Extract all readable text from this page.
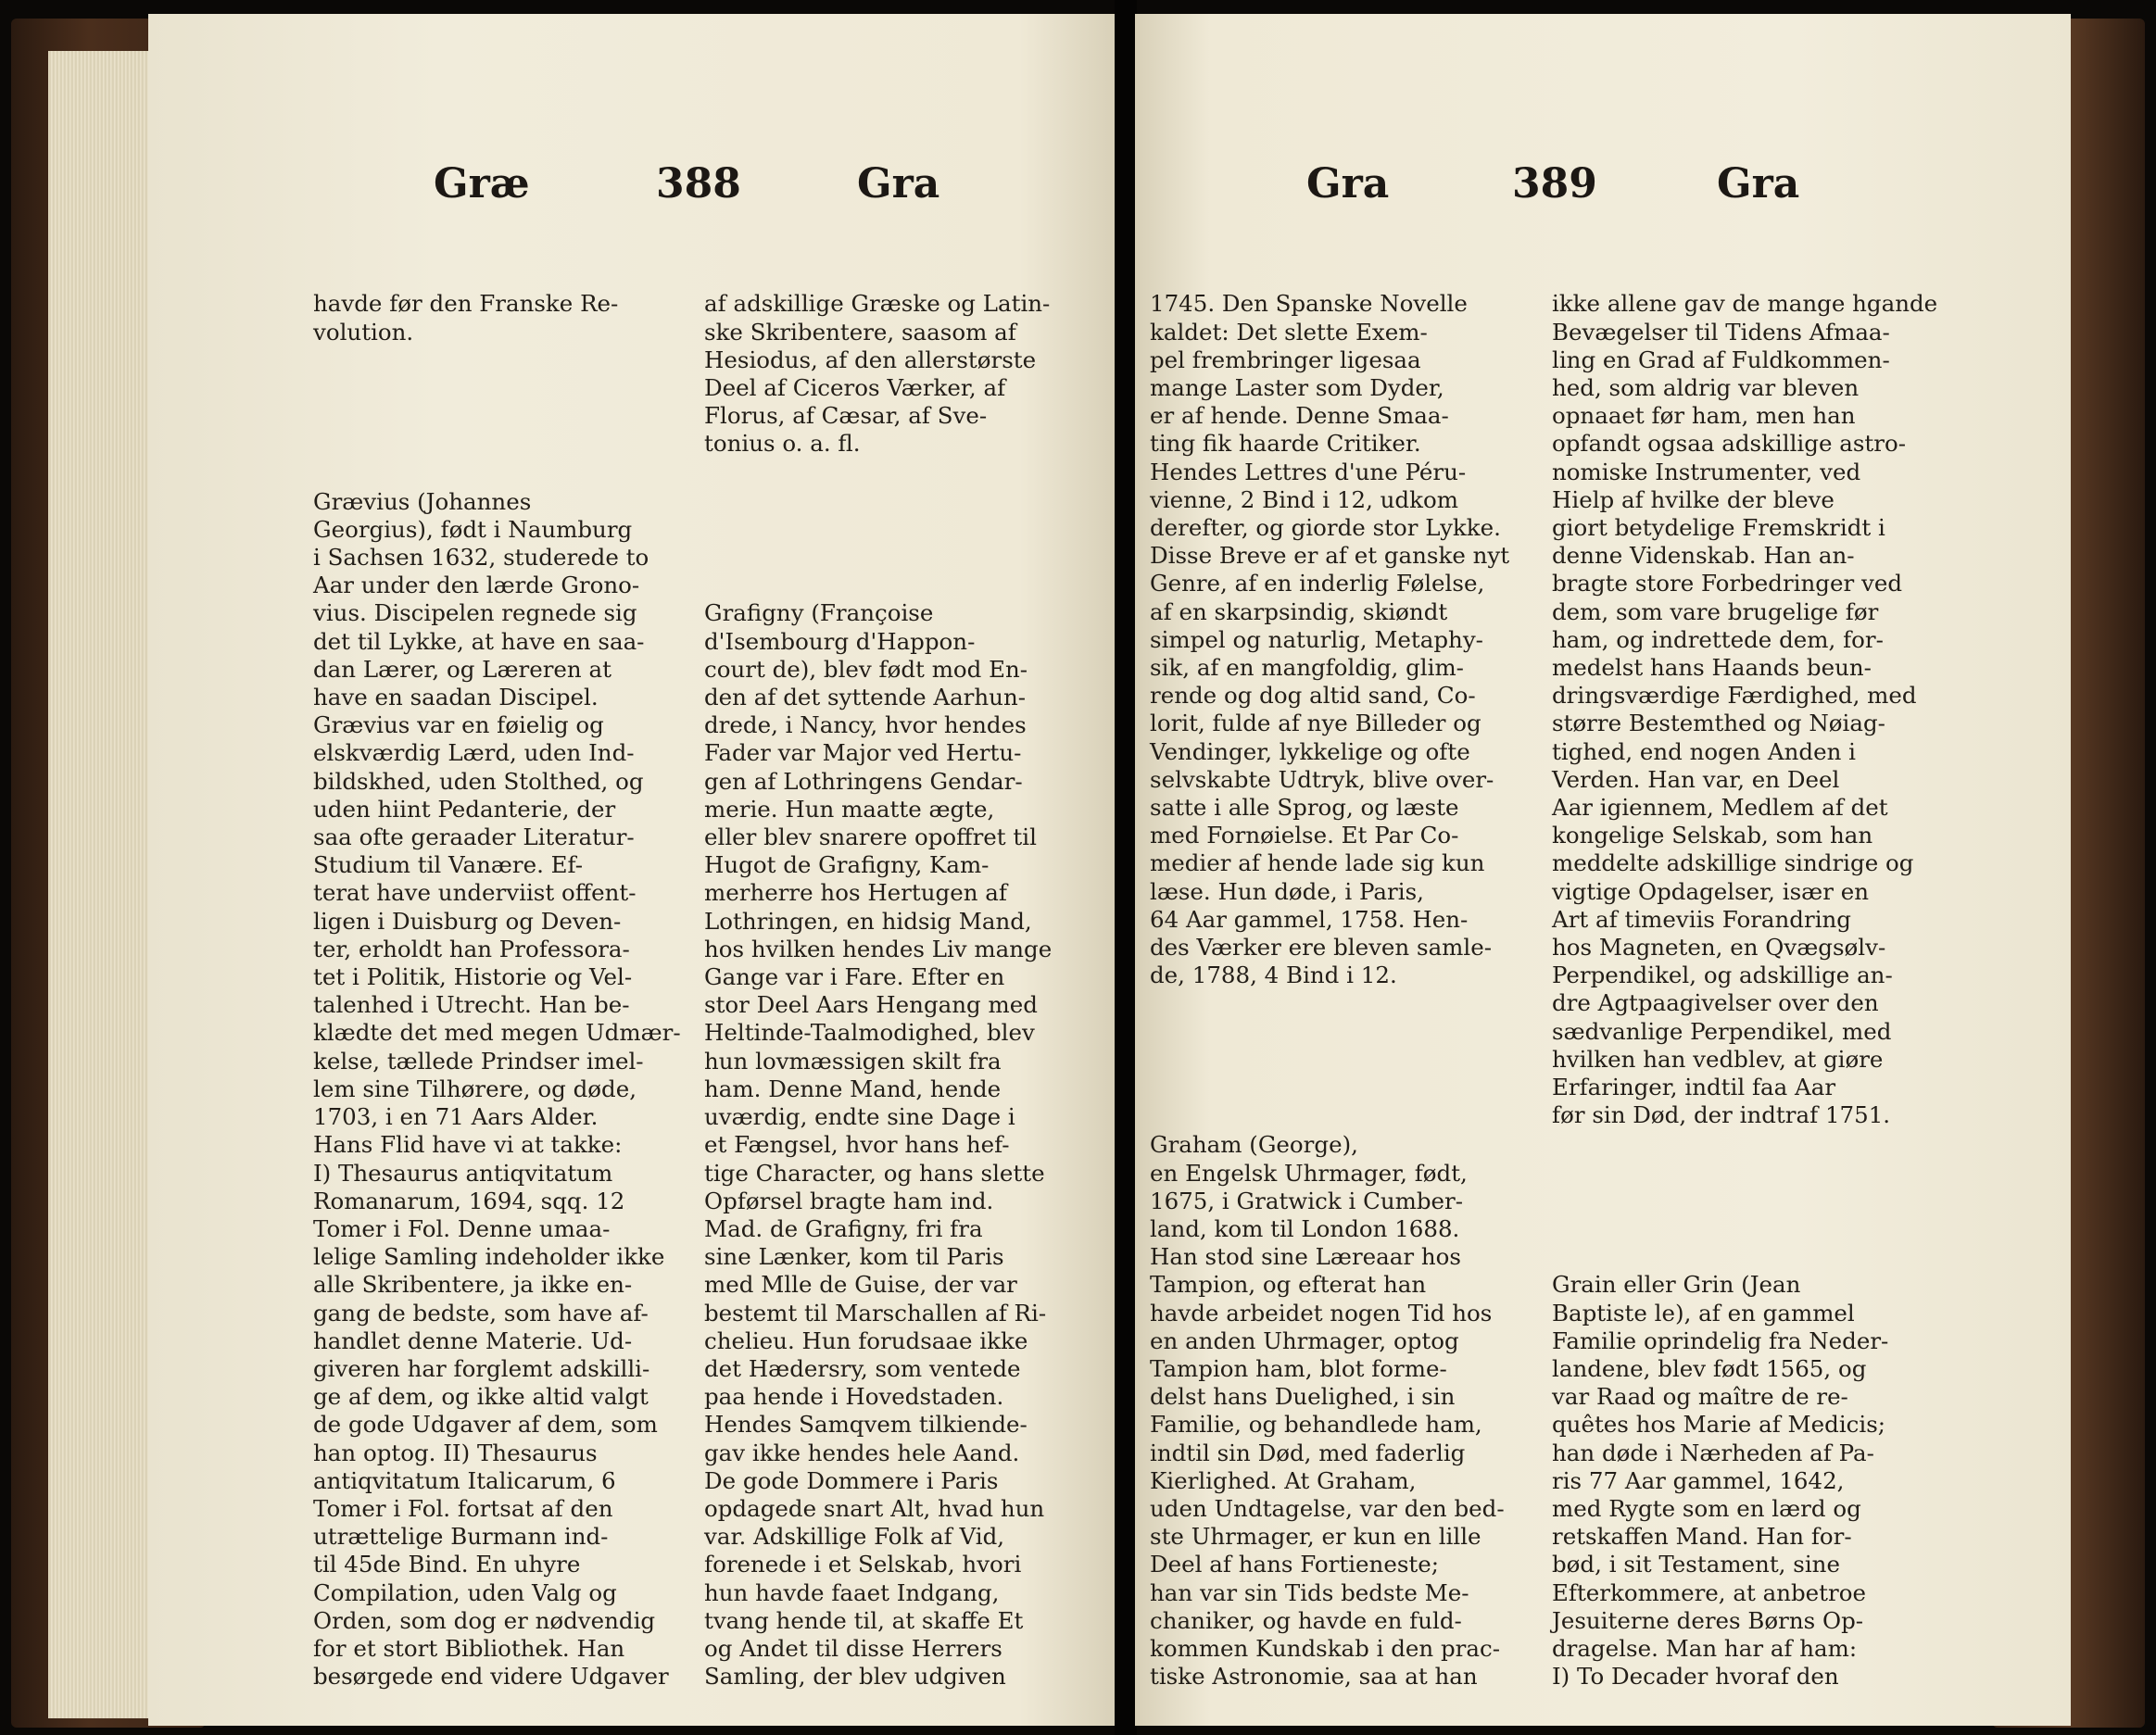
Græ	388	Gra

havde før den Franske Re-
volution.

Grævius (Johannes
Georgius), født i Naumburg
i Sachsen 1632, studerede to
Aar under den lærde Grono-
vius. Discipelen regnede sig
det til Lykke, at have en saa-
dan Lærer, og Læreren at
have en saadan Discipel.
Grævius var en føielig og
elskværdig Lærd, uden Ind-
bildskhed, uden Stolthed, og
uden hiint Pedanterie, der
saa ofte geraader Literatur-
Studium til Vanære. Ef-
terat have underviist offent-
ligen i Duisburg og Deven-
ter, erholdt han Professora-
tet i Politik, Historie og Vel-
talenhed i Utrecht. Han be-
klædte det med megen Udmær-
kelse, tællede Prindser imel-
lem sine Tilhørere, og døde,
1703, i en 71 Aars Alder.
Hans Flid have vi at takke:
I) Thesaurus antiqvitatum
Romanarum, 1694, sqq. 12
Tomer i Fol. Denne umaa-
lelige Samling indeholder ikke
alle Skribentere, ja ikke en-
gang de bedste, som have af-
handlet denne Materie. Ud-
giveren har forglemt adskilli-
ge af dem, og ikke altid valgt
de gode Udgaver af dem, som
han optog. II) Thesaurus
antiqvitatum Italicarum, 6
Tomer i Fol. fortsat af den
utrættelige Burmann ind-
til 45de Bind. En uhyre
Compilation, uden Valg og
Orden, som dog er nødvendig
for et stort Bibliothek. Han
besørgede end videre Udgaver

af adskillige Græske og Latin-
ske Skribentere, saasom af
Hesiodus, af den allerstørste
Deel af Ciceros Værker, af
Florus, af Cæsar, af Sve-
tonius o. a. fl.

Grafigny (Françoise
d'Isembourg d'Happon-
court de), blev født mod En-
den af det syttende Aarhun-
drede, i Nancy, hvor hendes
Fader var Major ved Hertu-
gen af Lothringens Gendar-
merie. Hun maatte ægte,
eller blev snarere opoffret til
Hugot de Grafigny, Kam-
merherre hos Hertugen af
Lothringen, en hidsig Mand,
hos hvilken hendes Liv mange
Gange var i Fare. Efter en
stor Deel Aars Hengang med
Heltinde-Taalmodighed, blev
hun lovmæssigen skilt fra
ham. Denne Mand, hende
uværdig, endte sine Dage i
et Fængsel, hvor hans hef-
tige Character, og hans slette
Opførsel bragte ham ind.
Mad. de Grafigny, fri fra
sine Lænker, kom til Paris
med Mlle de Guise, der var
bestemt til Marschallen af Ri-
chelieu. Hun forudsaae ikke
det Hædersry, som ventede
paa hende i Hovedstaden.
Hendes Samqvem tilkiende-
gav ikke hendes hele Aand.
De gode Dommere i Paris
opdagede snart Alt, hvad hun
var. Adskillige Folk af Vid,
forenede i et Selskab, hvori
hun havde faaet Indgang,
tvang hende til, at skaffe Et
og Andet til disse Herrers
Samling, der blev udgiven

Gra	389	Gra

1745. Den Spanske Novelle
kaldet: Det slette Exem-
pel frembringer ligesaa
mange Laster som Dyder,
er af hende. Denne Smaa-
ting fik haarde Critiker.
Hendes Lettres d'une Péru-
vienne, 2 Bind i 12, udkom
derefter, og giorde stor Lykke.
Disse Breve er af et ganske nyt
Genre, af en inderlig Følelse,
af en skarpsindig, skiøndt
simpel og naturlig, Metaphy-
sik, af en mangfoldig, glim-
rende og dog altid sand, Co-
lorit, fulde af nye Billeder og
Vendinger, lykkelige og ofte
selvskabte Udtryk, blive over-
satte i alle Sprog, og læste
med Fornøielse. Et Par Co-
medier af hende lade sig kun
læse. Hun døde, i Paris,
64 Aar gammel, 1758. Hen-
des Værker ere bleven samle-
de, 1788, 4 Bind i 12.

Graham (George),
en Engelsk Uhrmager, født,
1675, i Gratwick i Cumber-
land, kom til London 1688.
Han stod sine Læreaar hos
Tampion, og efterat han
havde arbeidet nogen Tid hos
en anden Uhrmager, optog
Tampion ham, blot forme-
delst hans Duelighed, i sin
Familie, og behandlede ham,
indtil sin Død, med faderlig
Kierlighed. At Graham,
uden Undtagelse, var den bed-
ste Uhrmager, er kun en lille
Deel af hans Fortieneste;
han var sin Tids bedste Me-
chaniker, og havde en fuld-
kommen Kundskab i den prac-
tiske Astronomie, saa at han

ikke allene gav de mange hgande
Bevægelser til Tidens Afmaa-
ling en Grad af Fuldkommen-
hed, som aldrig var bleven
opnaaet før ham, men han
opfandt ogsaa adskillige astro-
nomiske Instrumenter, ved
Hielp af hvilke der bleve
giort betydelige Fremskridt i
denne Videnskab. Han an-
bragte store Forbedringer ved
dem, som vare brugelige før
ham, og indrettede dem, for-
medelst hans Haands beun-
dringsværdige Færdighed, med
større Bestemthed og Nøiag-
tighed, end nogen Anden i
Verden. Han var, en Deel
Aar igiennem, Medlem af det
kongelige Selskab, som han
meddelte adskillige sindrige og
vigtige Opdagelser, især en
Art af timeviis Forandring
hos Magneten, en Qvægsølv-
Perpendikel, og adskillige an-
dre Agtpaagivelser over den
sædvanlige Perpendikel, med
hvilken han vedblev, at giøre
Erfaringer, indtil faa Aar
før sin Død, der indtraf 1751.

Grain eller Grin (Jean
Baptiste le), af en gammel
Familie oprindelig fra Neder-
landene, blev født 1565, og
var Raad og maître de re-
quêtes hos Marie af Medicis;
han døde i Nærheden af Pa-
ris 77 Aar gammel, 1642,
med Rygte som en lærd og
retskaffen Mand. Han for-
bød, i sit Testament, sine
Efterkommere, at anbetroe
Jesuiterne deres Børns Op-
dragelse. Man har af ham:
I) To Decader hvoraf den
